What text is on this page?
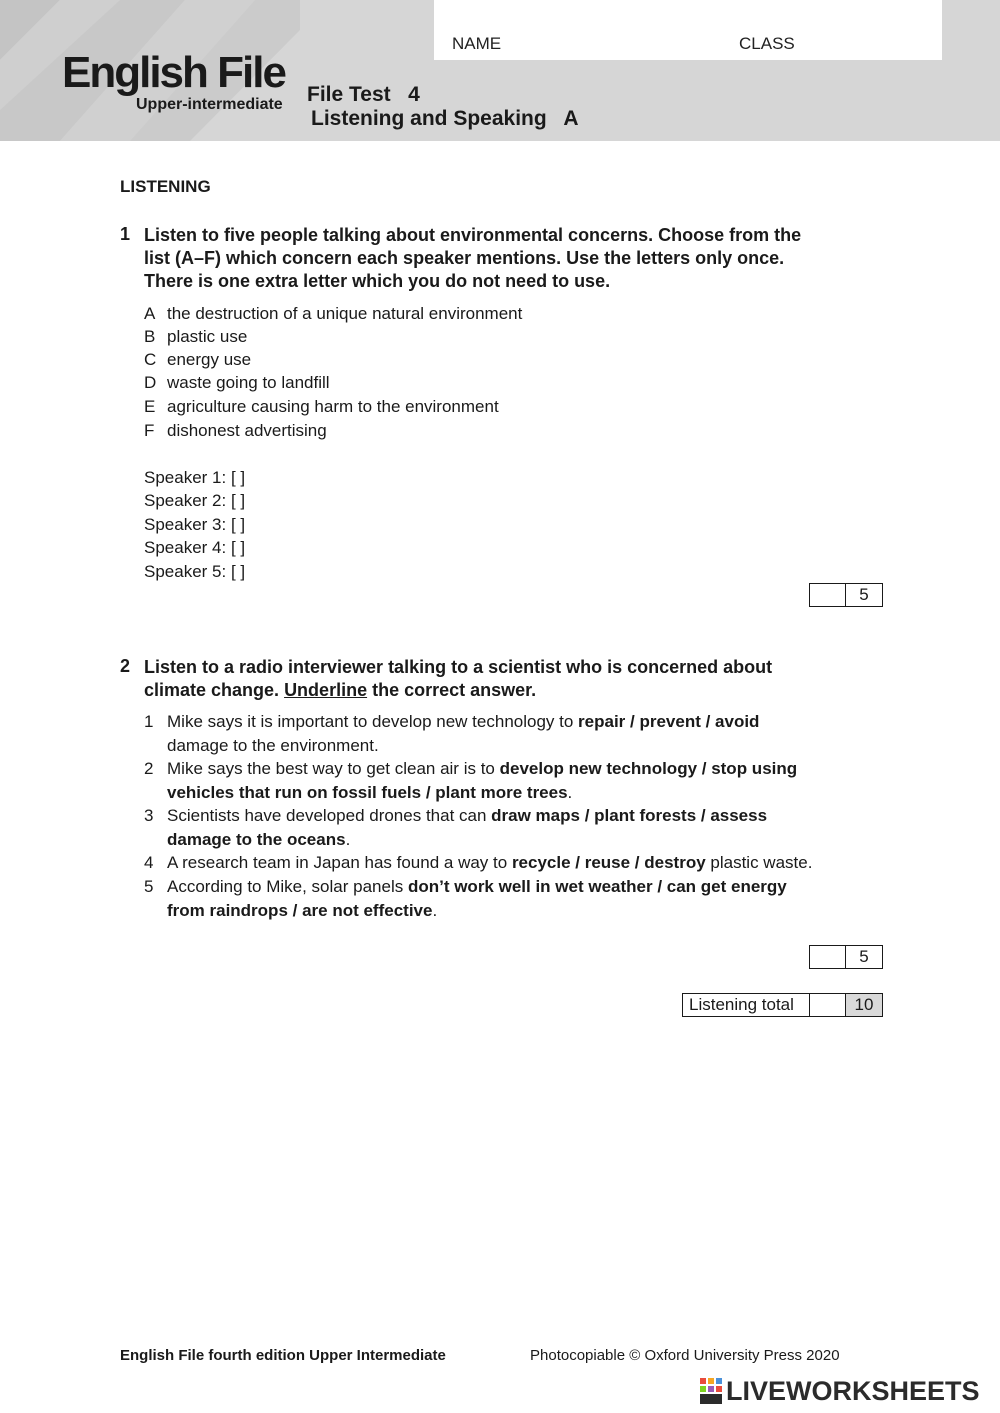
NAME	CLASS
English File
Upper-intermediate File Test   4
Listening and Speaking   A
LISTENING
1 Listen to five people talking about environmental concerns. Choose from the
list (A–F) which concern each speaker mentions. Use the letters only once.
There is one extra letter which you do not need to use.
A the destruction of a unique natural environment
B plastic use
C energy use
D waste going to landfill
E agriculture causing harm to the environment
F dishonest advertising
Speaker 1: [ ]
Speaker 2: [ ]
Speaker 3: [ ]
Speaker 4: [ ]
Speaker 5: [ ]
5
2 Listen to a radio interviewer talking to a scientist who is concerned about
climate change. Underline the correct answer.
1 Mike says it is important to develop new technology to repair / prevent / avoid
damage to the environment.
2 Mike says the best way to get clean air is to develop new technology / stop using
vehicles that run on fossil fuels / plant more trees.
3 Scientists have developed drones that can draw maps / plant forests / assess
damage to the oceans.
4 A research team in Japan has found a way to recycle / reuse / destroy plastic waste.
5 According to Mike, solar panels don’t work well in wet weather / can get energy
from raindrops / are not effective.
5
Listening total	10
English File fourth edition Upper Intermediate	Photocopiable © Oxford University Press 2020
LIVEWORKSHEETS
